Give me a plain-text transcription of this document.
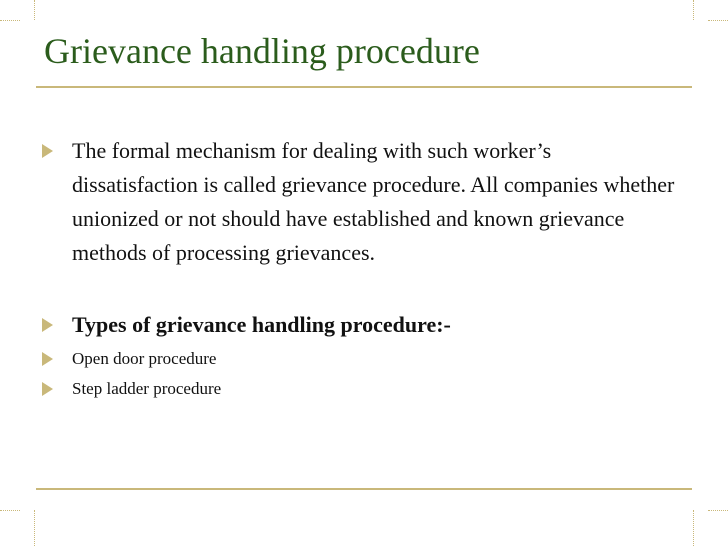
Grievance handling procedure
The formal mechanism for dealing with such worker’s dissatisfaction is called grievance procedure. All companies whether unionized or not should have established and known grievance methods of processing grievances.
Types of grievance handling procedure:-
Open door procedure
Step ladder procedure
